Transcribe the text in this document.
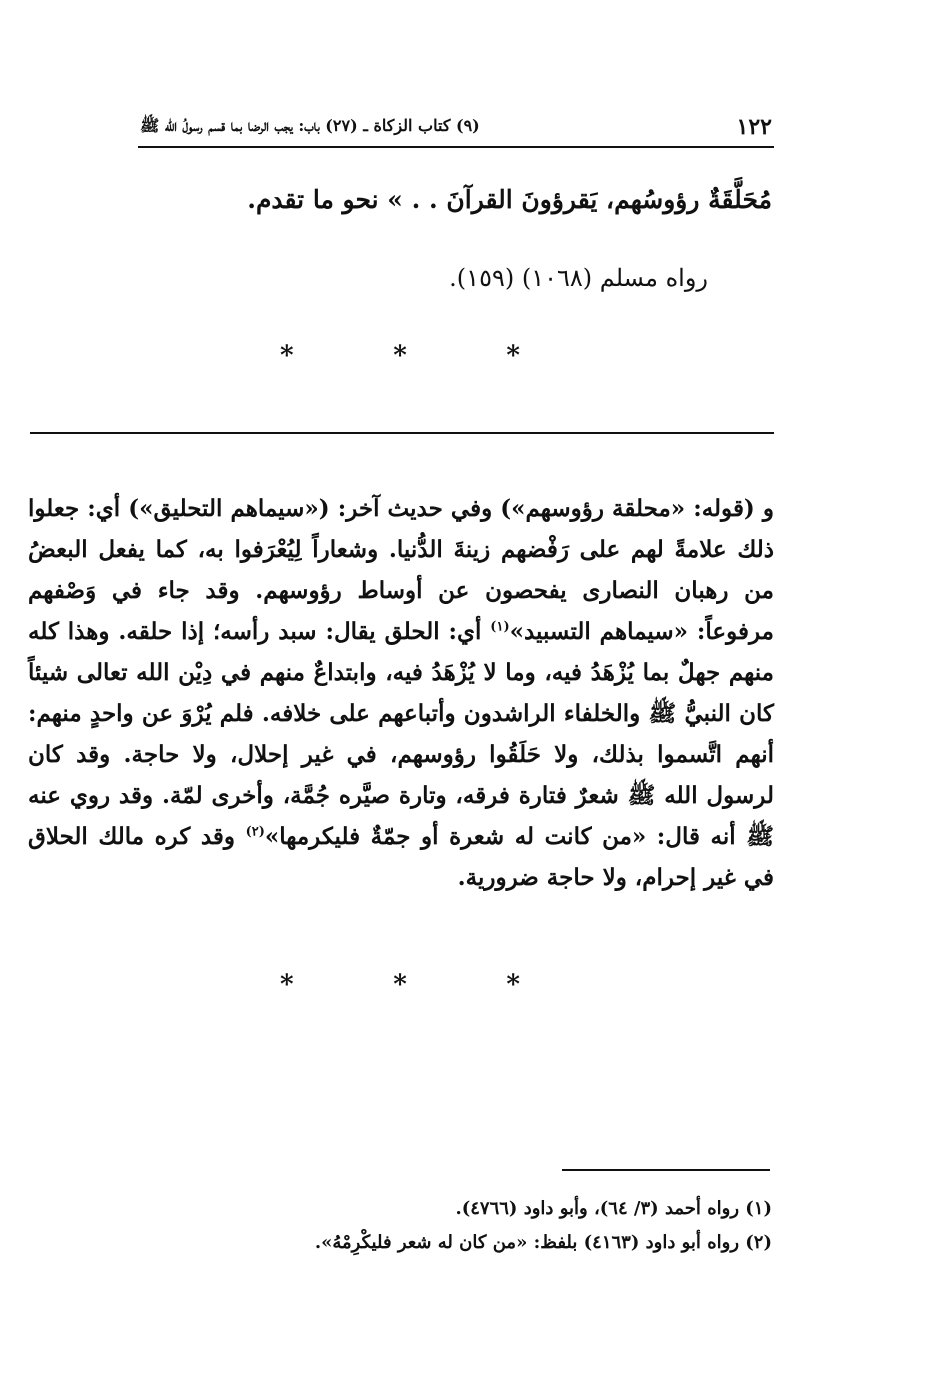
١٢٢
(٩) كتاب الزكاة ـ (٢٧) باب: يجب الرضا بما قسم رسولُ الله ﷺ
مُحَلَّقَةٌ رؤوسُهم، يَقرؤونَ القرآنَ . . » نحو ما تقدم.
رواه مسلم (١٠٦٨) (١٥٩).
*
*
*
و (قوله: «محلقة رؤوسهم») وفي حديث آخر: («سيماهم التحليق») أي: جعلوا ذلك علامةً لهم على رَفْضهم زينةَ الدُّنيا. وشعاراً لِيُعْرَفوا به، كما يفعل البعضُ من رهبان النصارى يفحصون عن أوساط رؤوسهم. وقد جاء في وَصْفهم مرفوعاً: «سيماهم التسبيد»$^{(١)}$ أي: الحلق يقال: سبد رأسه؛ إذا حلقه. وهذا كله منهم جهلٌ بما يُزْهَدُ فيه، وما لا يُزْهَدُ فيه، وابتداعٌ منهم في دِيْن الله تعالى شيئاً كان النبيُّ ﷺ والخلفاء الراشدون وأتباعهم على خلافه. فلم يُرْوَ عن واحدٍ منهم: أنهم اتَّسموا بذلك، ولا حَلَقُوا رؤوسهم، في غير إحلال، ولا حاجة. وقد كان لرسول الله ﷺ شعرٌ فتارة فرقه، وتارة صيَّره جُمَّة، وأخرى لمّة. وقد روي عنه ﷺ أنه قال: «من كانت له شعرة أو جمّةٌ فليكرمها»$^{(٢)}$ وقد كره مالك الحلاق في غير إحرام، ولا حاجة ضرورية.
*
*
*
(١) رواه أحمد (٣/ ٦٤)، وأبو داود (٤٧٦٦).
(٢) رواه أبو داود (٤١٦٣) بلفظ: «من كان له شعر فليكْرِمْهُ».
